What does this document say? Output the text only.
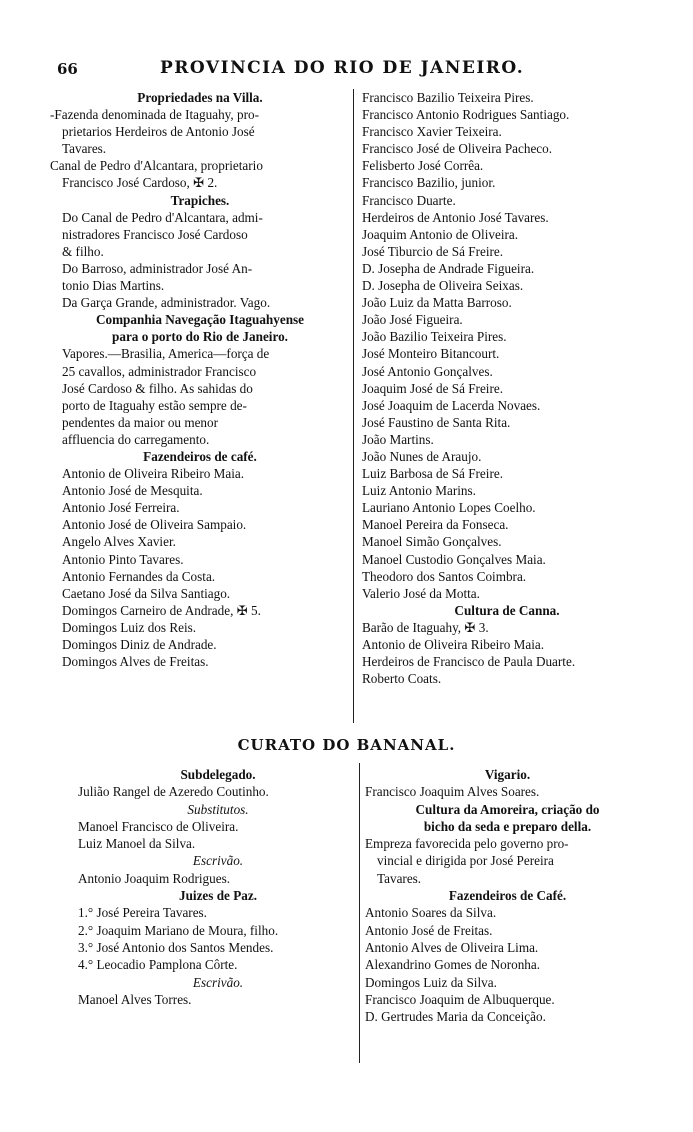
66	PROVINCIA DO RIO DE JANEIRO.
Propriedades na Villa.
-Fazenda denominada de Itaguahy, pro-
prietarios Herdeiros de Antonio José
Tavares.
Canal de Pedro d'Alcantara, proprietario
Francisco José Cardoso, ✠ 2.
Trapiches.
Do Canal de Pedro d'Alcantara, admi-
nistradores Francisco José Cardoso
& filho.
Do Barroso, administrador José An-
tonio Dias Martins.
Da Garça Grande, administrador. Vago.
Companhia Navegação Itaguahyense
para o porto do Rio de Janeiro.
Vapores.—Brasilia, America—força de
25 cavallos, administrador Francisco
José Cardoso & filho. As sahidas do
porto de Itaguahy estão sempre de-
pendentes da maior ou menor
affluencia do carregamento.
Fazendeiros de café.
Antonio de Oliveira Ribeiro Maia.
Antonio José de Mesquita.
Antonio José Ferreira.
Antonio José de Oliveira Sampaio.
Angelo Alves Xavier.
Antonio Pinto Tavares.
Antonio Fernandes da Costa.
Caetano José da Silva Santiago.
Domingos Carneiro de Andrade, ✠ 5.
Domingos Luiz dos Reis.
Domingos Diniz de Andrade.
Domingos Alves de Freitas.
Francisco Bazilio Teixeira Pires.
Francisco Antonio Rodrigues Santiago.
Francisco Xavier Teixeira.
Francisco José de Oliveira Pacheco.
Felisberto José Corrêa.
Francisco Bazilio, junior.
Francisco Duarte.
Herdeiros de Antonio José Tavares.
Joaquim Antonio de Oliveira.
José Tiburcio de Sá Freire.
D. Josepha de Andrade Figueira.
D. Josepha de Oliveira Seixas.
João Luiz da Matta Barroso.
João José Figueira.
João Bazilio Teixeira Pires.
José Monteiro Bitancourt.
José Antonio Gonçalves.
Joaquim José de Sá Freire.
José Joaquim de Lacerda Novaes.
José Faustino de Santa Rita.
João Martins.
João Nunes de Araujo.
Luiz Barbosa de Sá Freire.
Luiz Antonio Marins.
Lauriano Antonio Lopes Coelho.
Manoel Pereira da Fonseca.
Manoel Simão Gonçalves.
Manoel Custodio Gonçalves Maia.
Theodoro dos Santos Coimbra.
Valerio José da Motta.
Cultura de Canna.
Barão de Itaguahy, ✠ 3.
Antonio de Oliveira Ribeiro Maia.
Herdeiros de Francisco de Paula Duarte.
Roberto Coats.
CURATO DO BANANAL.
Subdelegado.
Julião Rangel de Azeredo Coutinho.
Substitutos.
Manoel Francisco de Oliveira.
Luiz Manoel da Silva.
Escrivão.
Antonio Joaquim Rodrigues.
Juizes de Paz.
1.° José Pereira Tavares.
2.° Joaquim Mariano de Moura, filho.
3.° José Antonio dos Santos Mendes.
4.° Leocadio Pamplona Côrte.
Escrivão.
Manoel Alves Torres.
Vigario.
Francisco Joaquim Alves Soares.
Cultura da Amoreira, criação do
bicho da seda e preparo della.
Empreza favorecida pelo governo pro-
vincial e dirigida por José Pereira
Tavares.
Fazendeiros de Café.
Antonio Soares da Silva.
Antonio José de Freitas.
Antonio Alves de Oliveira Lima.
Alexandrino Gomes de Noronha.
Domingos Luiz da Silva.
Francisco Joaquim de Albuquerque.
D. Gertrudes Maria da Conceição.
